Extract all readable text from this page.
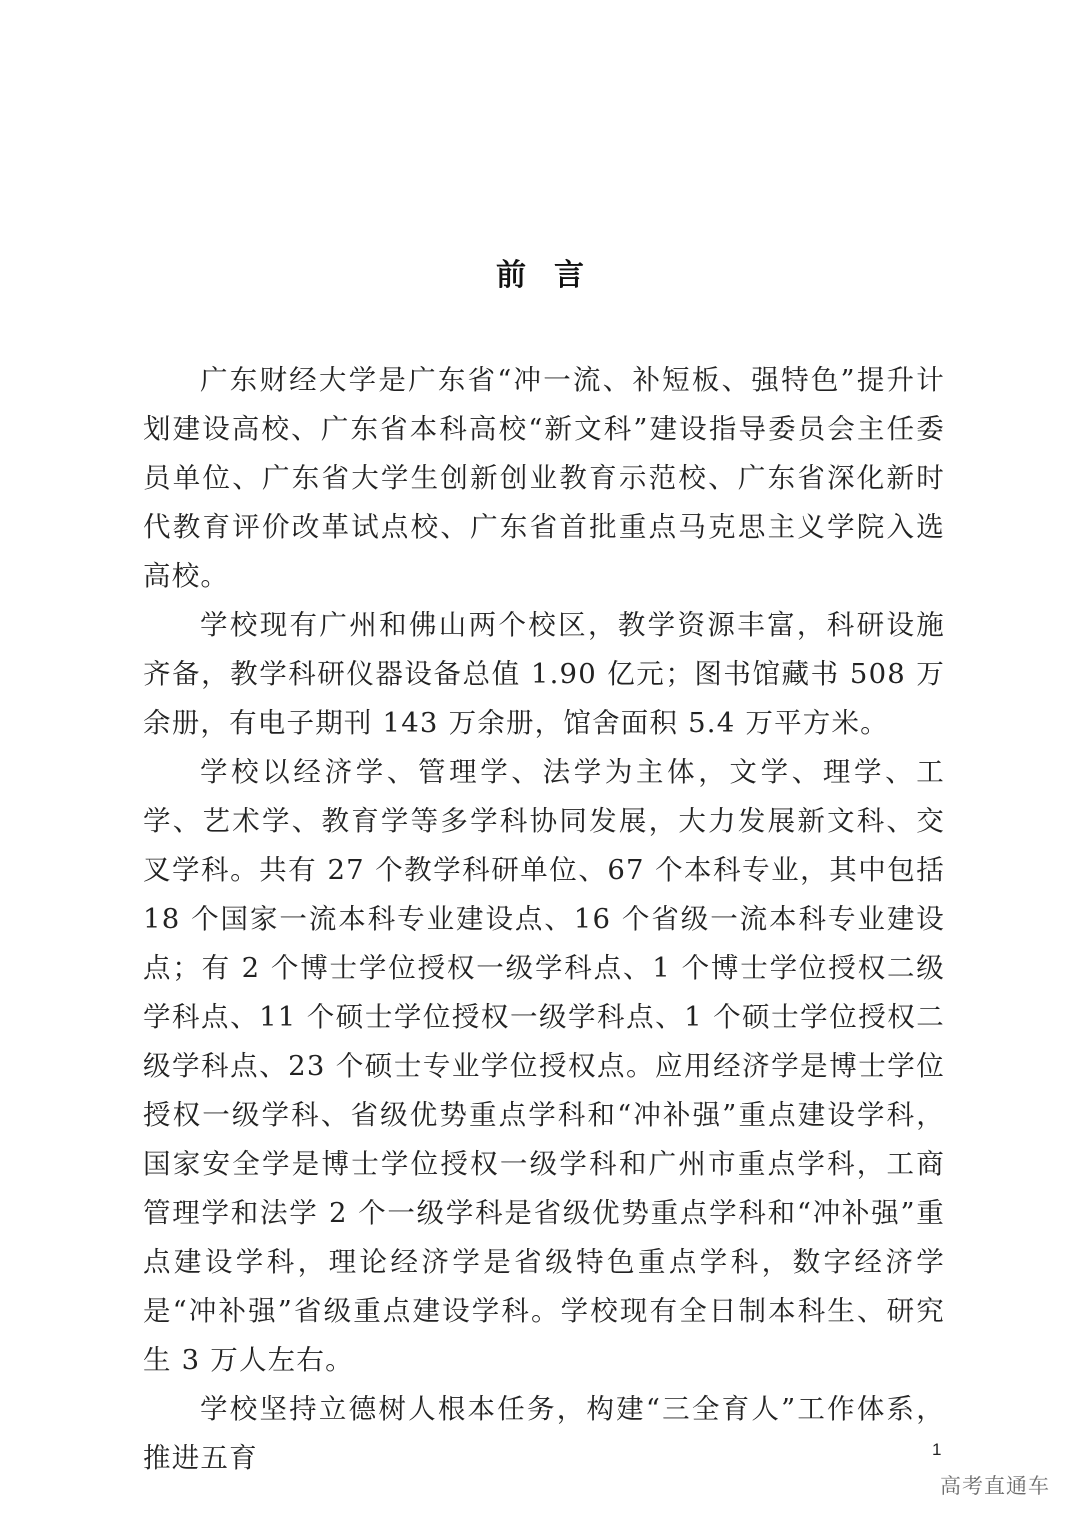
前言

广东财经大学是广东省“冲一流、补短板、强特色”提升计划建设高校、广东省本科高校“新文科”建设指导委员会主任委员单位、广东省大学生创新创业教育示范校、广东省深化新时代教育评价改革试点校、广东省首批重点马克思主义学院入选高校。

学校现有广州和佛山两个校区，教学资源丰富，科研设施齐备，教学科研仪器设备总值 1.90 亿元；图书馆藏书 508 万余册，有电子期刊 143 万余册，馆舍面积 5.4 万平方米。

学校以经济学、管理学、法学为主体，文学、理学、工学、艺术学、教育学等多学科协同发展，大力发展新文科、交叉学科。共有 27 个教学科研单位、67 个本科专业，其中包括 18 个国家一流本科专业建设点、16 个省级一流本科专业建设点；有 2 个博士学位授权一级学科点、1 个博士学位授权二级学科点、11 个硕士学位授权一级学科点、1 个硕士学位授权二级学科点、23 个硕士专业学位授权点。应用经济学是博士学位授权一级学科、省级优势重点学科和“冲补强”重点建设学科，国家安全学是博士学位授权一级学科和广州市重点学科，工商管理学和法学 2 个一级学科是省级优势重点学科和“冲补强”重点建设学科，理论经济学是省级特色重点学科，数字经济学是“冲补强”省级重点建设学科。学校现有全日制本科生、研究生 3 万人左右。

学校坚持立德树人根本任务，构建“三全育人”工作体系，推进五育	1
高考直通车
